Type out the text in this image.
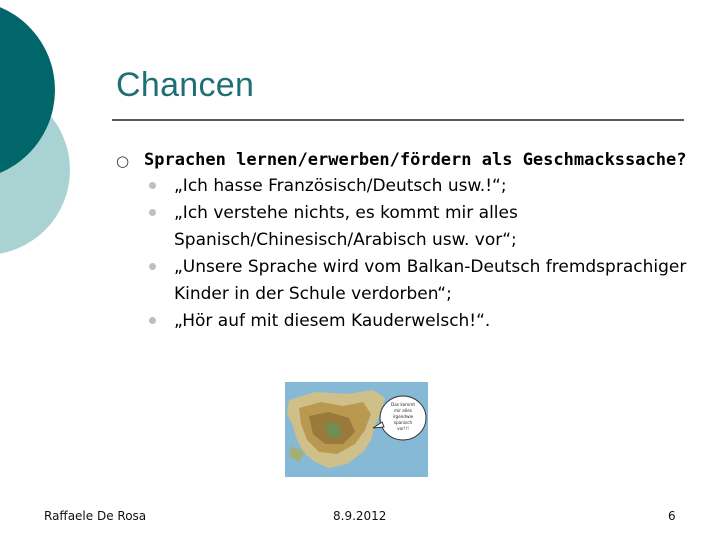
Chancen
○ Sprachen lernen/erwerben/fördern als Geschmackssache?
„Ich hasse Französisch/Deutsch usw.!“;
„Ich verstehe nichts, es kommt mir alles Spanisch/Chinesisch/Arabisch usw. vor“;
„Unsere Sprache wird vom Balkan-Deutsch fremdsprachiger Kinder in der Schule verdorben“;
„Hör auf mit diesem Kauderwelsch!“.
Das kommt
mir alles
irgendwie
spanisch
vor!!!
Raffaele De Rosa	8.9.2012	6
